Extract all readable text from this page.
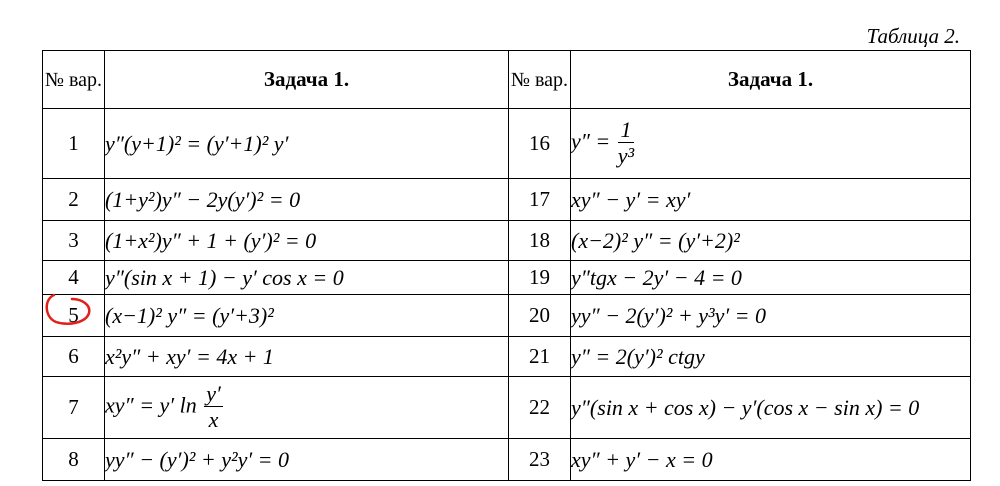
Таблица 2.
№ вар.	Задача 1.	№ вар.	Задача 1.
1	y″(y+1)² = (y′+1)² y′	16	$y'' = \frac{1}{\text{y³}}$

2	(1+y²)y″ − 2y(y′)² = 0	17	xy″ − y′ = xy′
3	(1+x²)y″ + 1 + (y′)² = 0	18	(x−2)² y″ = (y′+2)²
4	y″(sin x + 1) − y′ cos x = 0	19	y″tgx − 2y′ − 4 = 0
5	(x−1)² y″ = (y′+3)²	20	yy″ − 2(y′)² + y³y′ = 0
6	x²y″ + xy′ = 4x + 1	21	y″ = 2(y′)² ctgy
7	xy″ = y′ $\ln \frac{y'}{x}$	22	y″(sin x + cos x) − y′(cos x − sin x) = 0
8	yy″ − (y′)² + y²y′ = 0	23	xy″ + y′ − x = 0
